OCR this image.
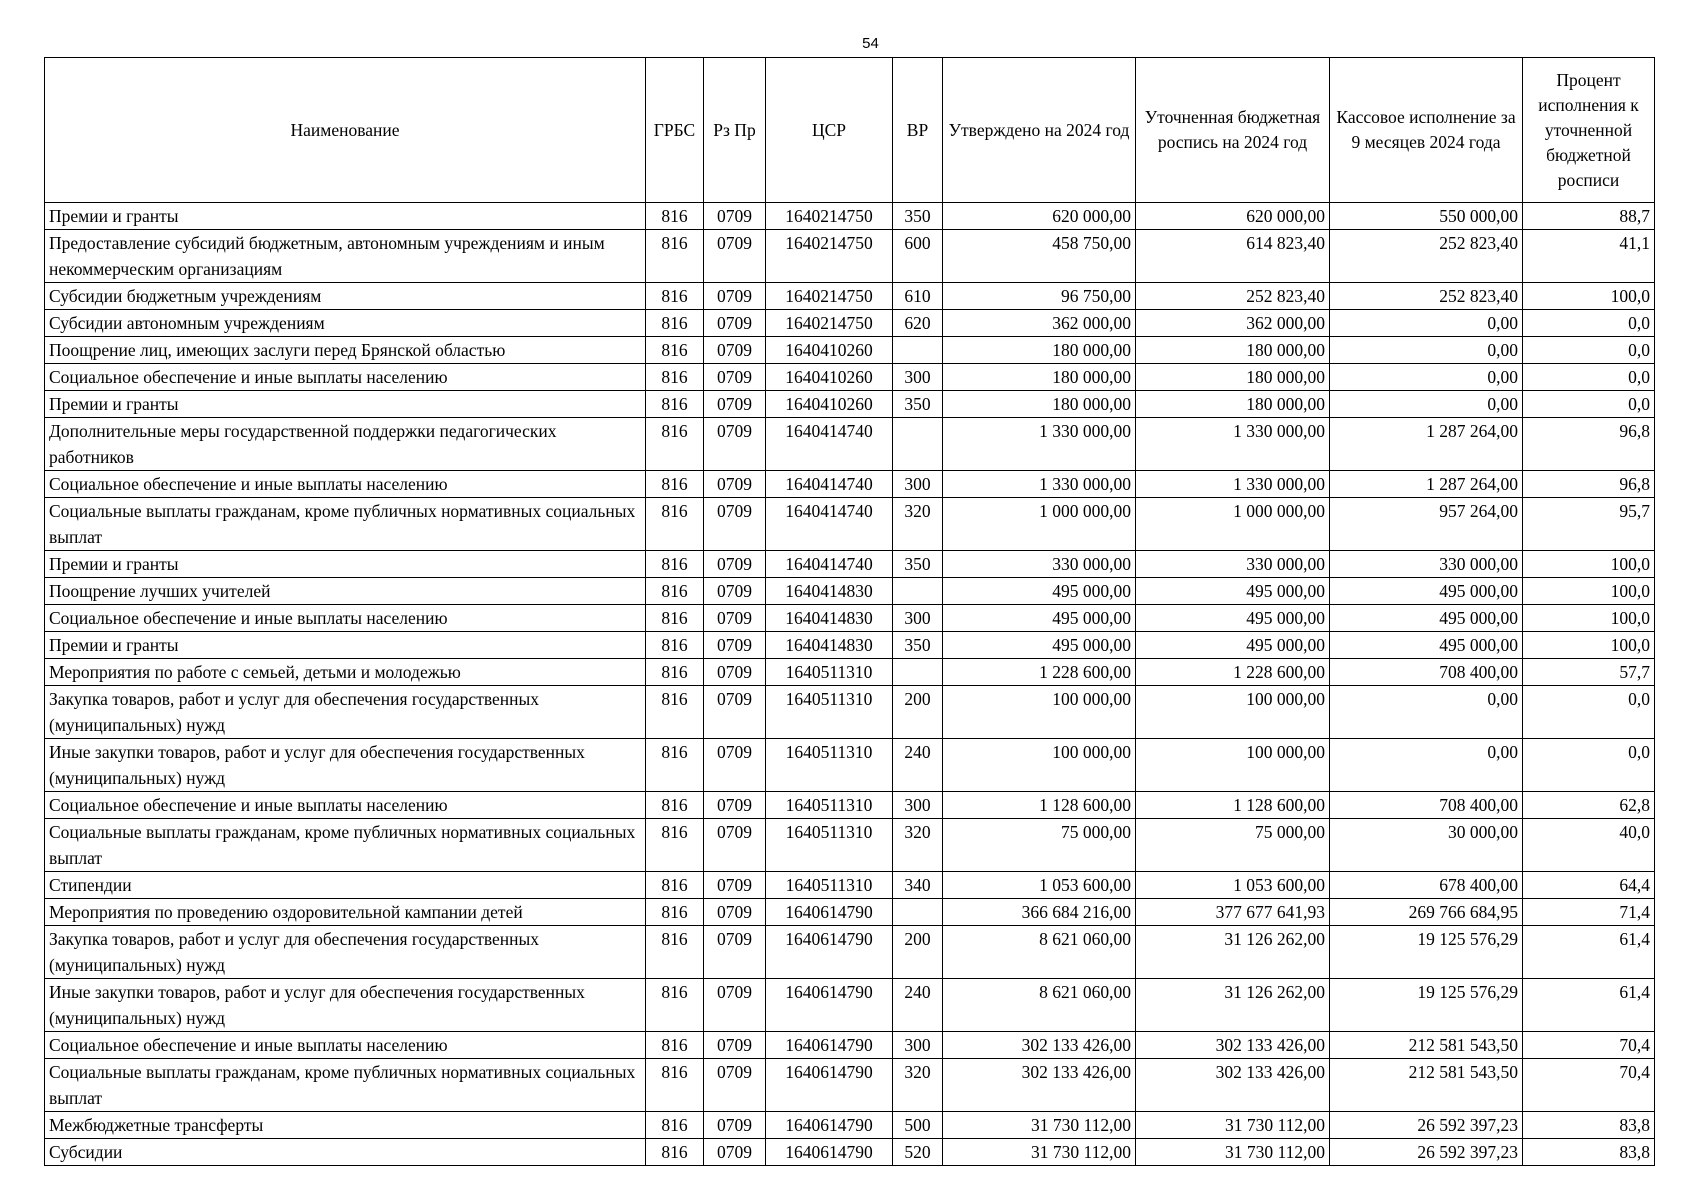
54
Наименование	ГРБС	Рз Пр	ЦСР	ВР	Утверждено на 2024 год	Уточненная бюджетная роспись на 2024 год	Кассовое исполнение за 9 месяцев 2024 года	Процент исполнения к уточненной бюджетной росписи
Премии и гранты	816	0709	1640214750	350	620 000,00	620 000,00	550 000,00	88,7
Предоставление субсидий бюджетным, автономным учреждениям и иным некоммерческим организациям	816	0709	1640214750	600	458 750,00	614 823,40	252 823,40	41,1
Субсидии бюджетным учреждениям	816	0709	1640214750	610	96 750,00	252 823,40	252 823,40	100,0
Субсидии автономным учреждениям	816	0709	1640214750	620	362 000,00	362 000,00	0,00	0,0
Поощрение лиц, имеющих заслуги перед Брянской областью	816	0709	1640410260		180 000,00	180 000,00	0,00	0,0
Социальное обеспечение и иные выплаты населению	816	0709	1640410260	300	180 000,00	180 000,00	0,00	0,0
Премии и гранты	816	0709	1640410260	350	180 000,00	180 000,00	0,00	0,0
Дополнительные меры государственной поддержки педагогических работников	816	0709	1640414740		1 330 000,00	1 330 000,00	1 287 264,00	96,8
Социальное обеспечение и иные выплаты населению	816	0709	1640414740	300	1 330 000,00	1 330 000,00	1 287 264,00	96,8
Социальные выплаты гражданам, кроме публичных нормативных социальных выплат	816	0709	1640414740	320	1 000 000,00	1 000 000,00	957 264,00	95,7
Премии и гранты	816	0709	1640414740	350	330 000,00	330 000,00	330 000,00	100,0
Поощрение лучших учителей	816	0709	1640414830		495 000,00	495 000,00	495 000,00	100,0
Социальное обеспечение и иные выплаты населению	816	0709	1640414830	300	495 000,00	495 000,00	495 000,00	100,0
Премии и гранты	816	0709	1640414830	350	495 000,00	495 000,00	495 000,00	100,0
Мероприятия по работе с семьей, детьми и молодежью	816	0709	1640511310		1 228 600,00	1 228 600,00	708 400,00	57,7
Закупка товаров, работ и услуг для обеспечения государственных (муниципальных) нужд	816	0709	1640511310	200	100 000,00	100 000,00	0,00	0,0
Иные закупки товаров, работ и услуг для обеспечения государственных (муниципальных) нужд	816	0709	1640511310	240	100 000,00	100 000,00	0,00	0,0
Социальное обеспечение и иные выплаты населению	816	0709	1640511310	300	1 128 600,00	1 128 600,00	708 400,00	62,8
Социальные выплаты гражданам, кроме публичных нормативных социальных выплат	816	0709	1640511310	320	75 000,00	75 000,00	30 000,00	40,0
Стипендии	816	0709	1640511310	340	1 053 600,00	1 053 600,00	678 400,00	64,4
Мероприятия по проведению оздоровительной кампании детей	816	0709	1640614790		366 684 216,00	377 677 641,93	269 766 684,95	71,4
Закупка товаров, работ и услуг для обеспечения государственных (муниципальных) нужд	816	0709	1640614790	200	8 621 060,00	31 126 262,00	19 125 576,29	61,4
Иные закупки товаров, работ и услуг для обеспечения государственных (муниципальных) нужд	816	0709	1640614790	240	8 621 060,00	31 126 262,00	19 125 576,29	61,4
Социальное обеспечение и иные выплаты населению	816	0709	1640614790	300	302 133 426,00	302 133 426,00	212 581 543,50	70,4
Социальные выплаты гражданам, кроме публичных нормативных социальных выплат	816	0709	1640614790	320	302 133 426,00	302 133 426,00	212 581 543,50	70,4
Межбюджетные трансферты	816	0709	1640614790	500	31 730 112,00	31 730 112,00	26 592 397,23	83,8
Субсидии	816	0709	1640614790	520	31 730 112,00	31 730 112,00	26 592 397,23	83,8
